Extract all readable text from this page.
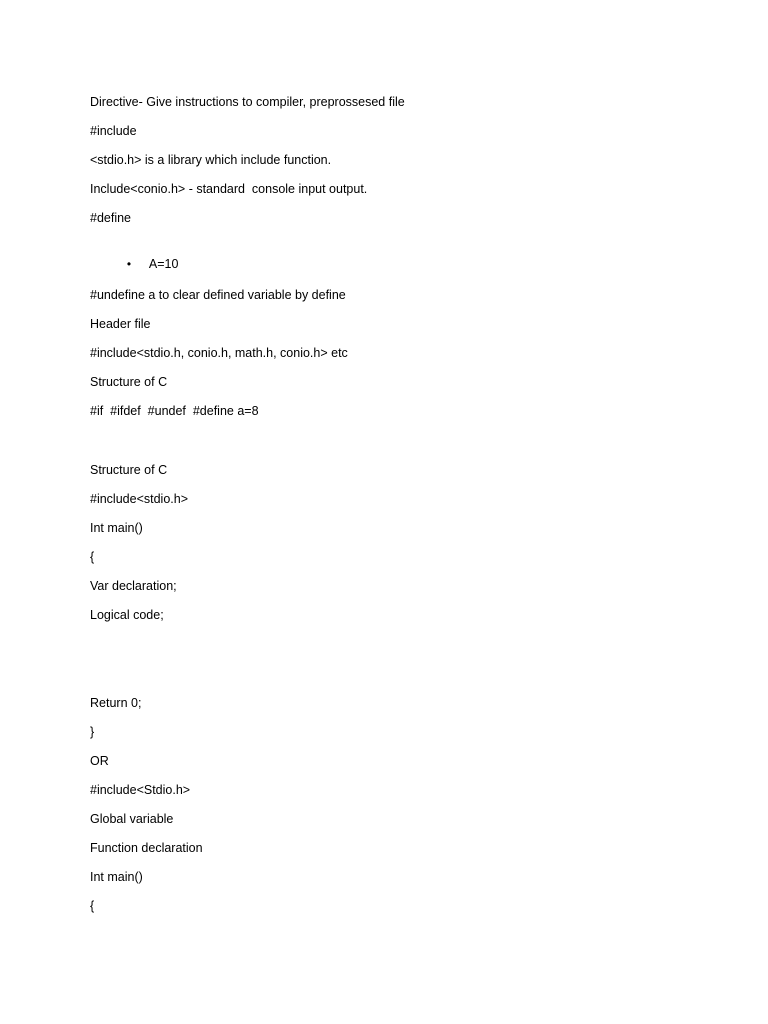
Directive- Give instructions to compiler, preprossesed file
#include
<stdio.h> is a library which include function.
Include<conio.h> - standard  console input output.
#define

• A=10

#undefine a to clear defined variable by define
Header file
#include<stdio.h, conio.h, math.h, conio.h> etc
Structure of C
#if  #ifdef  #undef  #define a=8
Structure of C
#include<stdio.h>
Int main()
{
Var declaration;
Logical code;
Return 0;
}
OR
#include<Stdio.h>
Global variable
Function declaration
Int main()
{
